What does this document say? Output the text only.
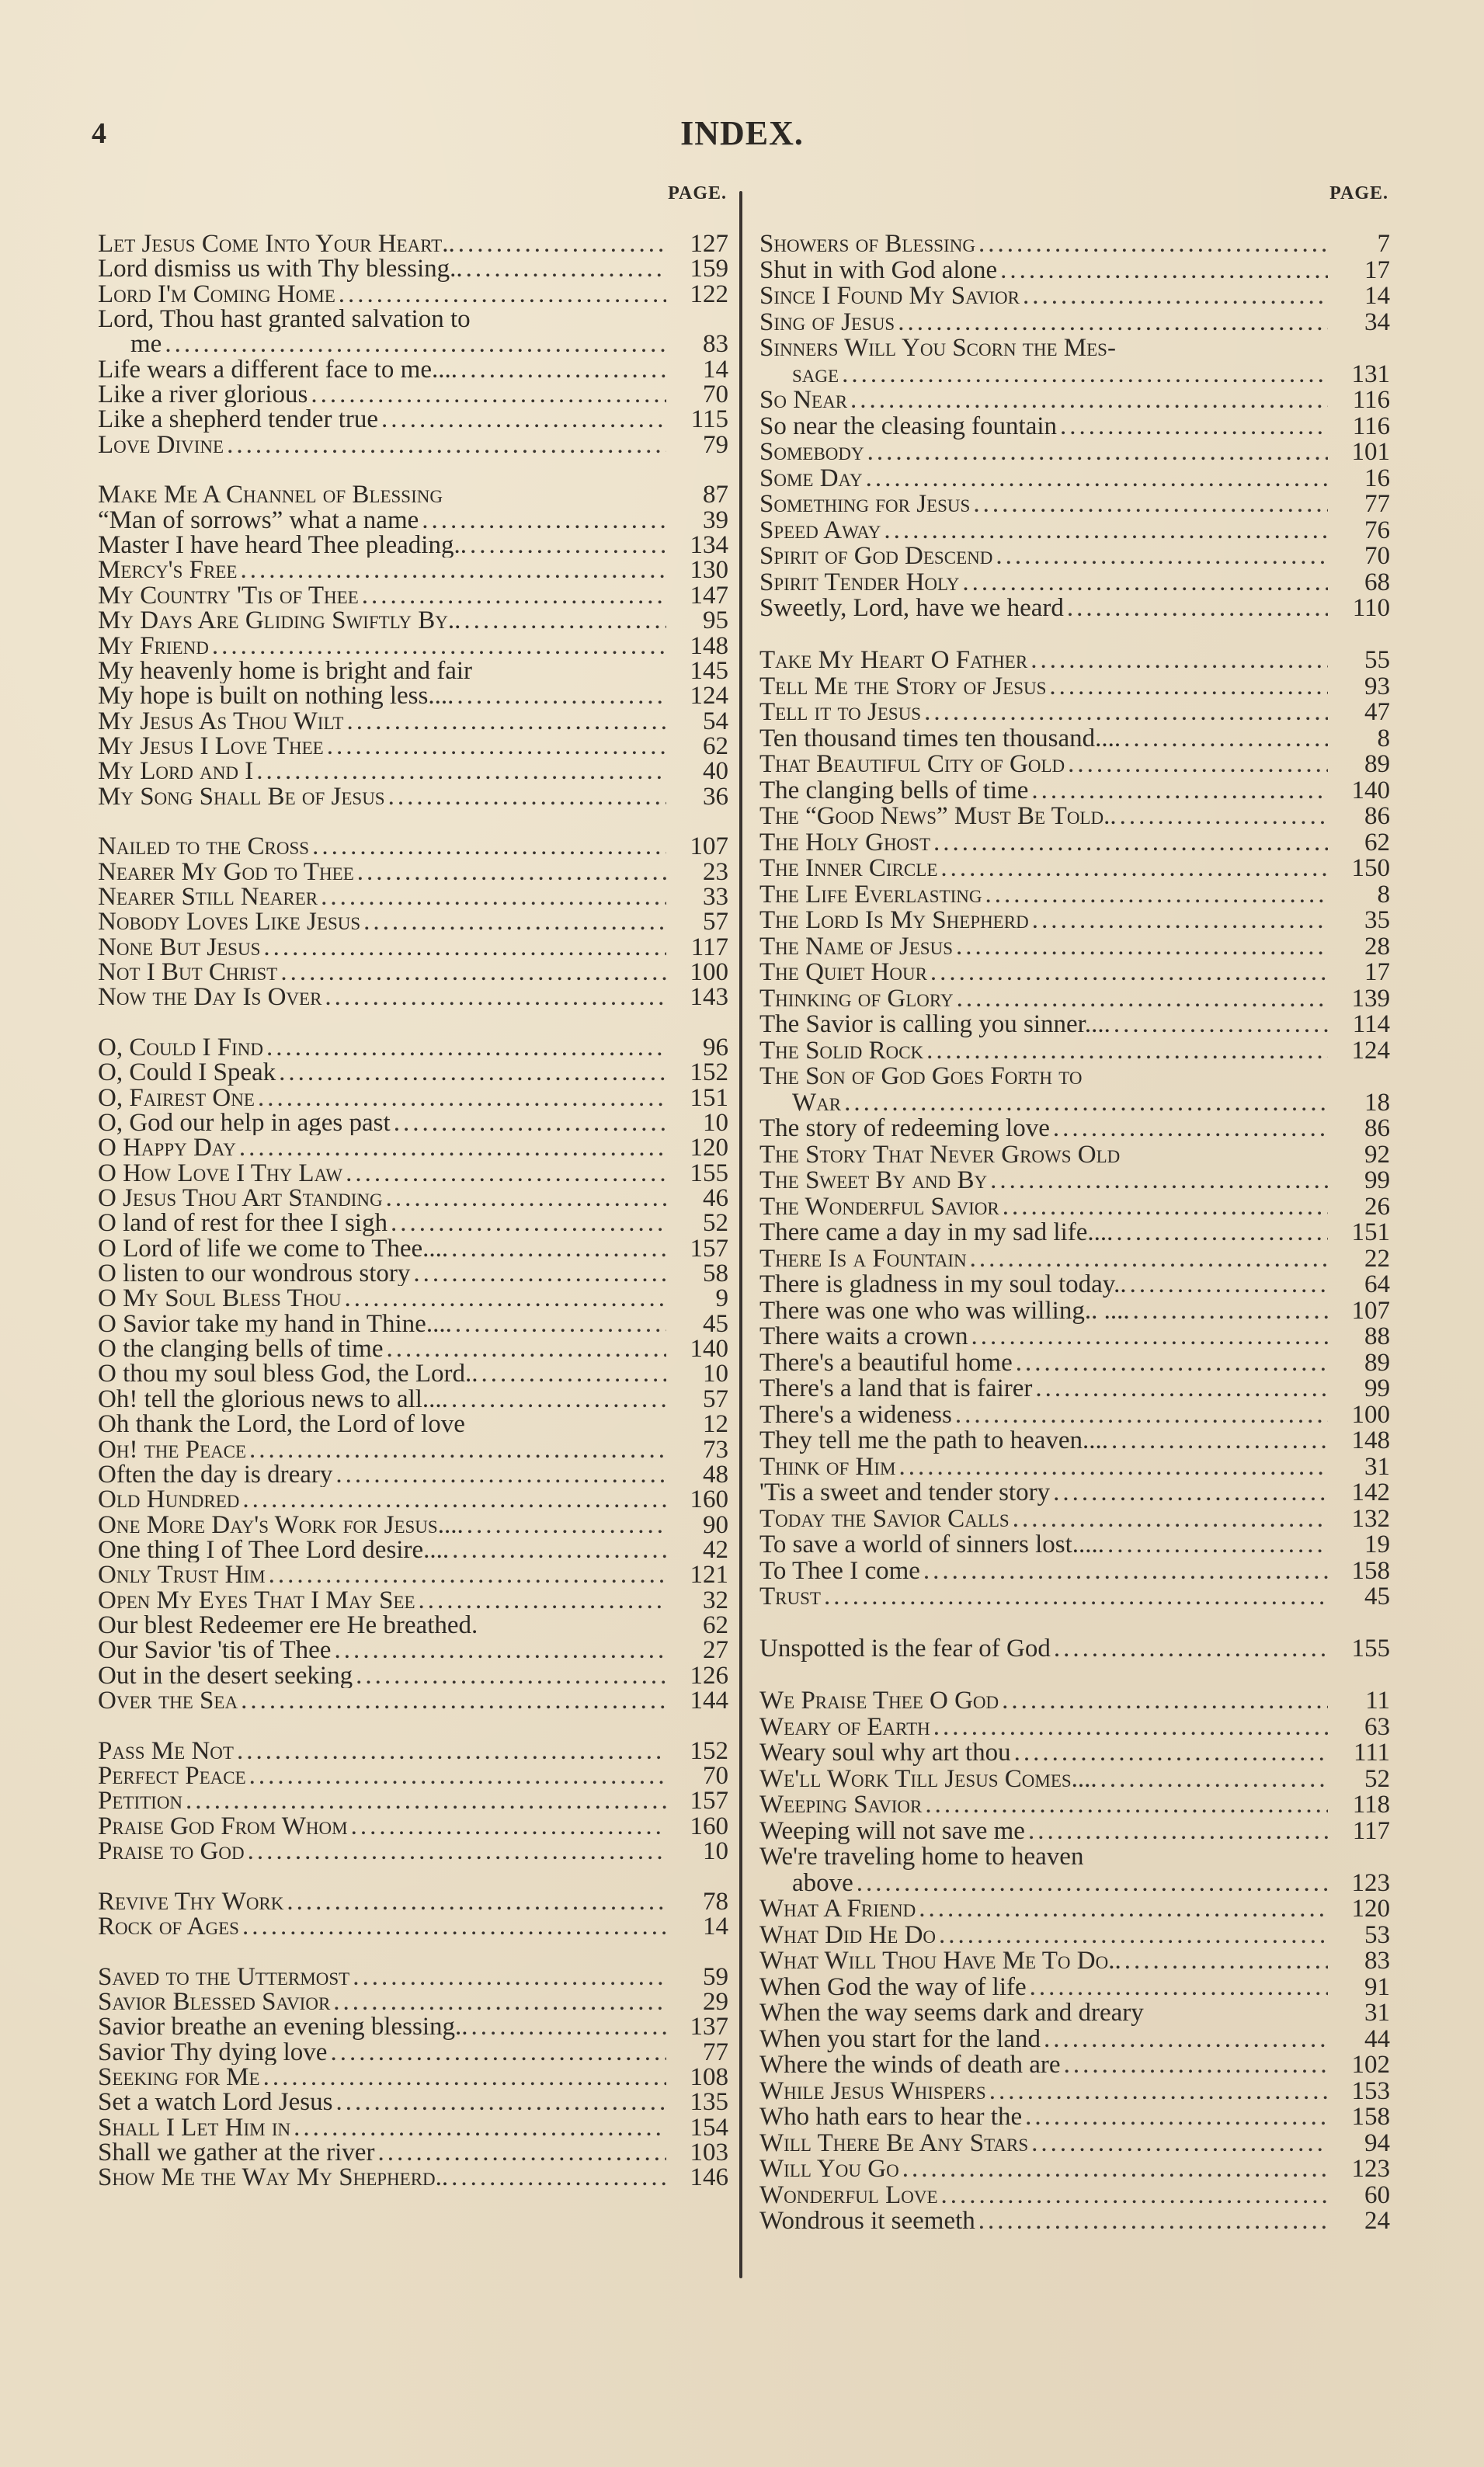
4	INDEX.
PAGE.
Let Jesus Come Into Your Heart.. .....	127
Lord dismiss us with Thy blessing.. .....	159
Lord I'm Coming Home .....	122
Lord, Thou hast granted salvation to
me .....	83
Life wears a different face to me.... .....	14
Like a river glorious .....	70
Like a shepherd tender true .....	115
Love Divine .....	79
Make Me A Channel of Blessing	87
“Man of sorrows” what a name .....	39
Master I have heard Thee pleading.. .....	134
Mercy's Free .....	130
My Country 'Tis of Thee .....	147
My Days Are Gliding Swiftly By.. .....	95
My Friend .....	148
My heavenly home is bright and fair	145
My hope is built on nothing less.... .....	124
My Jesus As Thou Wilt .....	54
My Jesus I Love Thee .....	62
My Lord and I .....	40
My Song Shall Be of Jesus .....	36
Nailed to the Cross .....	107
Nearer My God to Thee .....	23
Nearer Still Nearer .....	33
Nobody Loves Like Jesus .....	57
None But Jesus .....	117
Not I But Christ .....	100
Now the Day Is Over .....	143
O, Could I Find .....	96
O, Could I Speak .....	152
O, Fairest One .....	151
O, God our help in ages past .....	10
O Happy Day .....	120
O How Love I Thy Law .....	155
O Jesus Thou Art Standing .....	46
O land of rest for thee I sigh .....	52
O Lord of life we come to Thee.... .....	157
O listen to our wondrous story .....	58
O My Soul Bless Thou .....	9
O Savior take my hand in Thine.... .....	45
O the clanging bells of time .....	140
O thou my soul bless God, the Lord.. .....	10
Oh! tell the glorious news to all.... .....	57
Oh thank the Lord, the Lord of love	12
Oh! the Peace .....	73
Often the day is dreary .....	48
Old Hundred .....	160
One More Day's Work for Jesus.... .....	90
One thing I of Thee Lord desire.... .....	42
Only Trust Him .....	121
Open My Eyes That I May See .....	32
Our blest Redeemer ere He breathed.	62
Our Savior 'tis of Thee .....	27
Out in the desert seeking .....	126
Over the Sea .....	144
Pass Me Not .....	152
Perfect Peace .....	70
Petition .....	157
Praise God From Whom .....	160
Praise to God .....	10
Revive Thy Work .....	78
Rock of Ages .....	14
Saved to the Uttermost .....	59
Savior Blessed Savior .....	29
Savior breathe an evening blessing.. .....	137
Savior Thy dying love .....	77
Seeking for Me .....	108
Set a watch Lord Jesus .....	135
Shall I Let Him in .....	154
Shall we gather at the river .....	103
Show Me the Way My Shepherd.. .....	146
PAGE.
Showers of Blessing .....	7
Shut in with God alone .....	17
Since I Found My Savior .....	14
Sing of Jesus .....	34
Sinners Will You Scorn the Mes-
sage .....	131
So Near .....	116
So near the cleasing fountain .....	116
Somebody .....	101
Some Day .....	16
Something for Jesus .....	77
Speed Away .....	76
Spirit of God Descend .....	70
Spirit Tender Holy .....	68
Sweetly, Lord, have we heard .....	110
Take My Heart O Father .....	55
Tell Me the Story of Jesus .....	93
Tell it to Jesus .....	47
Ten thousand times ten thousand.... .....	8
That Beautiful City of Gold .....	89
The clanging bells of time .....	140
The “Good News” Must Be Told.. .....	86
The Holy Ghost .....	62
The Inner Circle .....	150
The Life Everlasting .....	8
The Lord Is My Shepherd .....	35
The Name of Jesus .....	28
The Quiet Hour .....	17
Thinking of Glory .....	139
The Savior is calling you sinner.... .....	114
The Solid Rock .....	124
The Son of God Goes Forth to
War .....	18
The story of redeeming love .....	86
The Story That Never Grows Old	92
The Sweet By and By .....	99
The Wonderful Savior .....	26
There came a day in my sad life.... .....	151
There Is a Fountain .....	22
There is gladness in my soul today.. .....	64
There was one who was willing.. .... .....	107
There waits a crown .....	88
There's a beautiful home .....	89
There's a land that is fairer .....	99
There's a wideness .....	100
They tell me the path to heaven.... .....	148
Think of Him .....	31
'Tis a sweet and tender story .....	142
Today the Savior Calls .....	132
To save a world of sinners lost..... .....	19
To Thee I come .....	158
Trust .....	45
Unspotted is the fear of God .....	155
We Praise Thee O God .....	11
Weary of Earth .....	63
Weary soul why art thou .....	111
We'll Work Till Jesus Comes.... .....	52
Weeping Savior .....	118
Weeping will not save me .....	117
We're traveling home to heaven
above .....	123
What A Friend .....	120
What Did He Do .....	53
What Will Thou Have Me To Do.. .....	83
When God the way of life .....	91
When the way seems dark and dreary	31
When you start for the land .....	44
Where the winds of death are .....	102
While Jesus Whispers .....	153
Who hath ears to hear the .....	158
Will There Be Any Stars .....	94
Will You Go .....	123
Wonderful Love .....	60
Wondrous it seemeth .....	24
